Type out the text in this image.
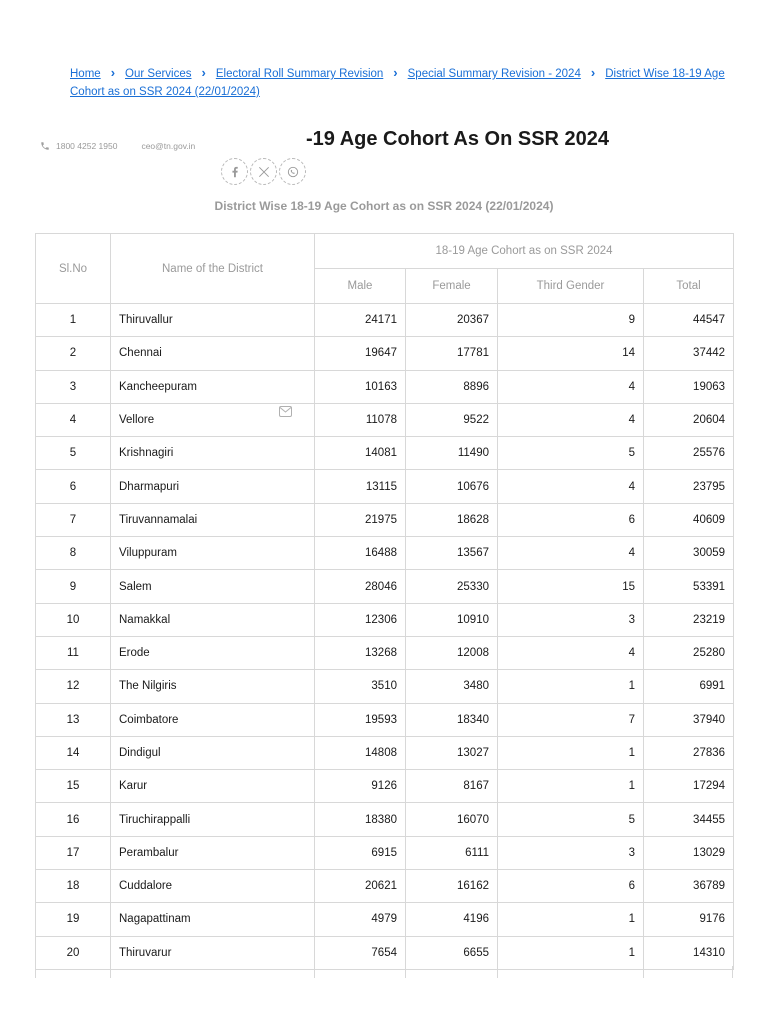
Home › Our Services › Electoral Roll Summary Revision › Special Summary Revision - 2024 › District Wise 18-19 Age Cohort as on SSR 2024 (22/01/2024)
1800 4252 1950	ceo@tn.gov.in	-19 Age Cohort As On SSR 2024
District Wise 18-19 Age Cohort as on SSR 2024 (22/01/2024)
Sl.No	Name of the District	18-19 Age Cohort as on SSR 2024			
		Male	Female	Third Gender	Total
1	Thiruvallur	24171	20367	9	44547
2	Chennai	19647	17781	14	37442
3	Kancheepuram	10163	8896	4	19063
4	Vellore	11078	9522	4	20604
5	Krishnagiri	14081	11490	5	25576
6	Dharmapuri	13115	10676	4	23795
7	Tiruvannamalai	21975	18628	6	40609
8	Viluppuram	16488	13567	4	30059
9	Salem	28046	25330	15	53391
10	Namakkal	12306	10910	3	23219
11	Erode	13268	12008	4	25280
12	The Nilgiris	3510	3480	1	6991
13	Coimbatore	19593	18340	7	37940
14	Dindigul	14808	13027	1	27836
15	Karur	9126	8167	1	17294
16	Tiruchirappalli	18380	16070	5	34455
17	Perambalur	6915	6111	3	13029
18	Cuddalore	20621	16162	6	36789
19	Nagapattinam	4979	4196	1	9176
20	Thiruvarur	7654	6655	1	14310
